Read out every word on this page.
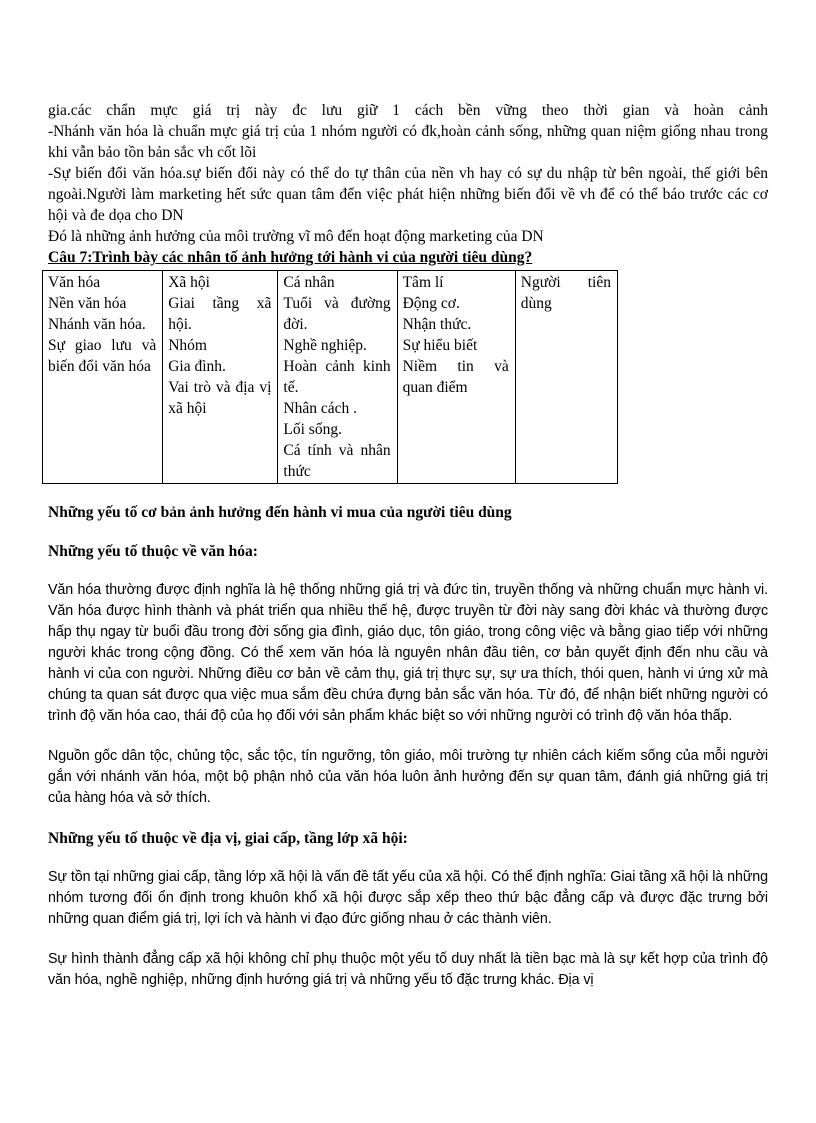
gia.các chẩn mực giá trị này đc lưu giữ 1 cách bền vững theo thời gian và hoàn cảnh

-Nhánh văn hóa là chuẩn mực giá trị của 1 nhóm người có đk,hoàn cảnh sống, những quan niệm giống nhau trong khi vẫn bảo tồn bản sắc vh cốt lõi

-Sự biến đổi văn hóa.sự biến đổi này có thể do tự thân của nền vh hay có sự du nhập từ bên ngoài, thế giới bên ngoài.Người làm marketing hết sức quan tâm đến việc phát hiện những biến đổi về vh để có thể báo trước các cơ hội và đe dọa cho DN

Đó là những ảnh hưởng của môi trường vĩ mô đến hoạt động marketing của DN

Câu 7:Trình bày các nhân tố ảnh hưởng tới hành vi của người tiêu dùng?

Văn hóa
Nền văn hóa
Nhánh văn hóa.
Sự giao lưu và biến đổi văn hóa

Xã hội
Giai tầng xã hội.
Nhóm
Gia đình.
Vai trò và địa vị xã hội

Cá nhân
Tuổi và đường đời.
Nghề nghiệp.
Hoàn cảnh kinh tế.
Nhân cách .
Lối sống.
Cá tính và nhân thức

Tâm lí
Động cơ.
Nhận thức.
Sự hiểu biết
Niềm tin và quan điểm

Người tiên dùng
Những yếu tố cơ bản ảnh hưởng đến hành vi mua của người tiêu dùng
Những yếu tố thuộc về văn hóa:

Văn hóa thường được định nghĩa là hệ thống những giá trị và đức tin, truyền thống và những chuẩn mực hành vi. Văn hóa được hình thành và phát triển qua nhiều thế hệ, được truyền từ đời này sang đời khác và thường được hấp thụ ngay từ buổi đầu trong đời sống gia đình, giáo dục, tôn giáo, trong công việc và bằng giao tiếp với những người khác trong cộng đồng. Có thể xem văn hóa là nguyên nhân đầu tiên, cơ bản quyết định đến nhu cầu và hành vi của con người. Những điều cơ bản về cảm thụ, giá trị thực sự, sự ưa thích, thói quen, hành vi ứng xử mà chúng ta quan sát được qua việc mua sắm đều chứa đựng bản sắc văn hóa. Từ đó, để nhận biết những người có trình độ văn hóa cao, thái độ của họ đối với sản phẩm khác biệt so với những người có trình độ văn hóa thấp.

Nguồn gốc dân tộc, chủng tộc, sắc tộc, tín ngưỡng, tôn giáo, môi trường tự nhiên cách kiếm sống của mỗi người gắn với nhánh văn hóa, một bộ phận nhỏ của văn hóa luôn ảnh hưởng đến sự quan tâm, đánh giá những giá trị của hàng hóa và sở thích.

Những yếu tố thuộc về địa vị, giai cấp, tầng lớp xã hội:

Sự tồn tại những giai cấp, tầng lớp xã hội là vấn đề tất yếu của xã hội. Có thể định nghĩa: Giai tầng xã hội là những nhóm tương đối ổn định trong khuôn khổ xã hội được sắp xếp theo thứ bậc đẳng cấp và được đặc trưng bởi những quan điểm giá trị, lợi ích và hành vi đạo đức giống nhau ở các thành viên.

Sự hình thành đẳng cấp xã hội không chỉ phụ thuộc một yếu tố duy nhất là tiền bạc mà là sự kết hợp của trình độ văn hóa, nghề nghiệp, những định hướng giá trị và những yếu tố đặc trưng khác. Địa vị
